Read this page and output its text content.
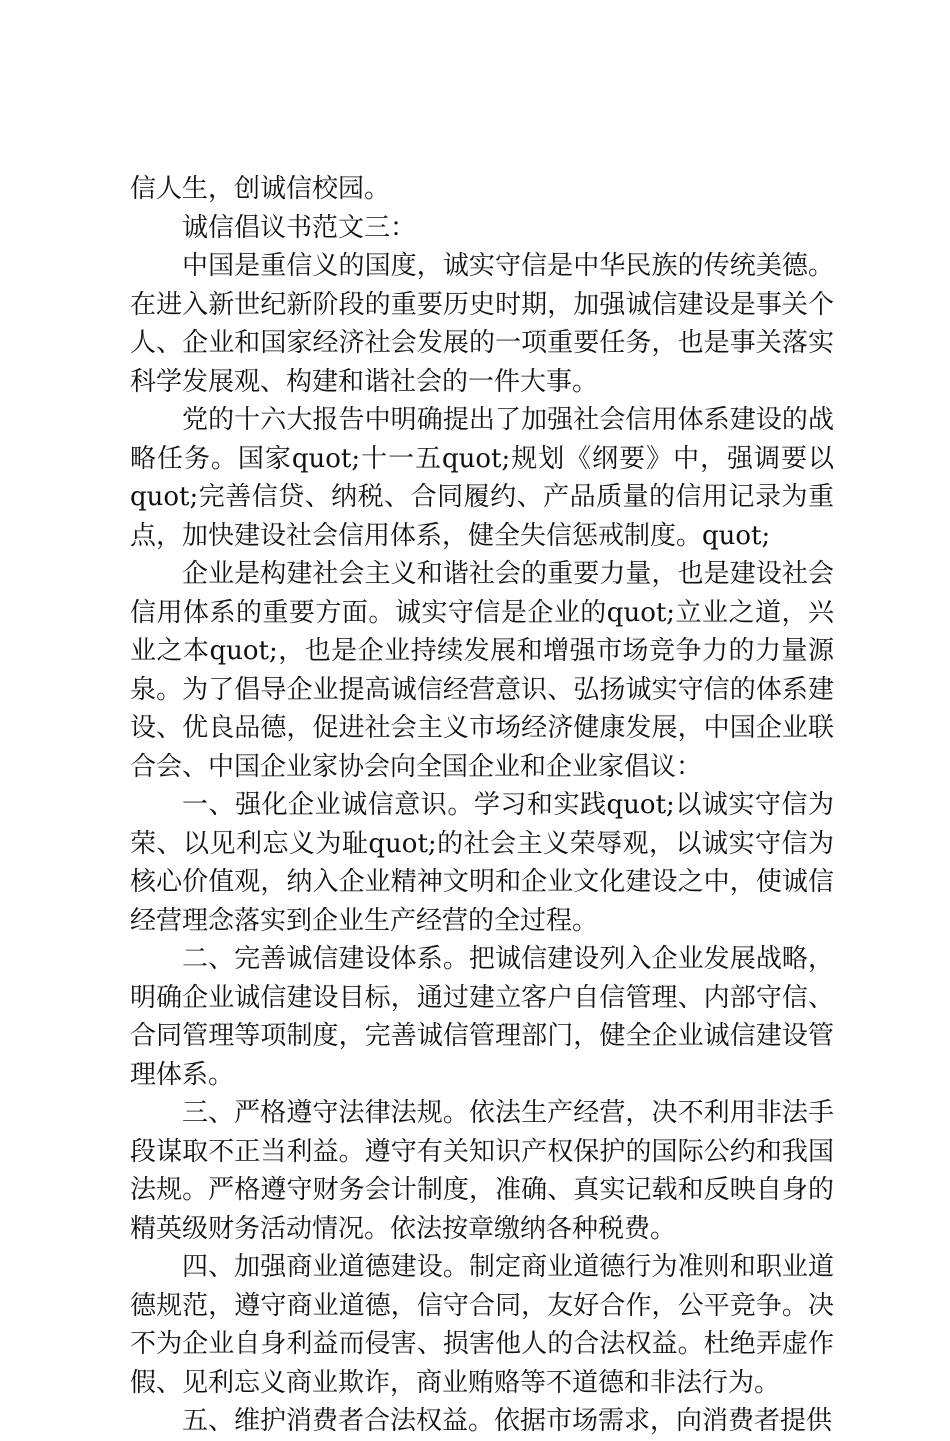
信人生，创诚信校园。

诚信倡议书范文三：

中国是重信义的国度，诚实守信是中华民族的传统美德。在进入新世纪新阶段的重要历史时期，加强诚信建设是事关个人、企业和国家经济社会发展的一项重要任务，也是事关落实科学发展观、构建和谐社会的一件大事。

党的十六大报告中明确提出了加强社会信用体系建设的战略任务。国家quot;十一五quot;规划《纲要》中，强调要以quot;完善信贷、纳税、合同履约、产品质量的信用记录为重点，加快建设社会信用体系，健全失信惩戒制度。quot;

企业是构建社会主义和谐社会的重要力量，也是建设社会信用体系的重要方面。诚实守信是企业的quot;立业之道，兴业之本quot;，也是企业持续发展和增强市场竞争力的力量源泉。为了倡导企业提高诚信经营意识、弘扬诚实守信的体系建设、优良品德，促进社会主义市场经济健康发展，中国企业联合会、中国企业家协会向全国企业和企业家倡议：

一、强化企业诚信意识。学习和实践quot;以诚实守信为荣、以见利忘义为耻quot;的社会主义荣辱观，以诚实守信为核心价值观，纳入企业精神文明和企业文化建设之中，使诚信经营理念落实到企业生产经营的全过程。

二、完善诚信建设体系。把诚信建设列入企业发展战略，明确企业诚信建设目标，通过建立客户自信管理、内部守信、合同管理等项制度，完善诚信管理部门，健全企业诚信建设管理体系。

三、严格遵守法律法规。依法生产经营，决不利用非法手段谋取不正当利益。遵守有关知识产权保护的国际公约和我国法规。严格遵守财务会计制度，准确、真实记载和反映自身的精英级财务活动情况。依法按章缴纳各种税费。

四、加强商业道德建设。制定商业道德行为准则和职业道德规范，遵守商业道德，信守合同，友好合作，公平竞争。决不为企业自身利益而侵害、损害他人的合法权益。杜绝弄虚作假、见利忘义商业欺诈，商业贿赂等不道德和非法行为。

五、维护消费者合法权益。依据市场需求，向消费者提供
